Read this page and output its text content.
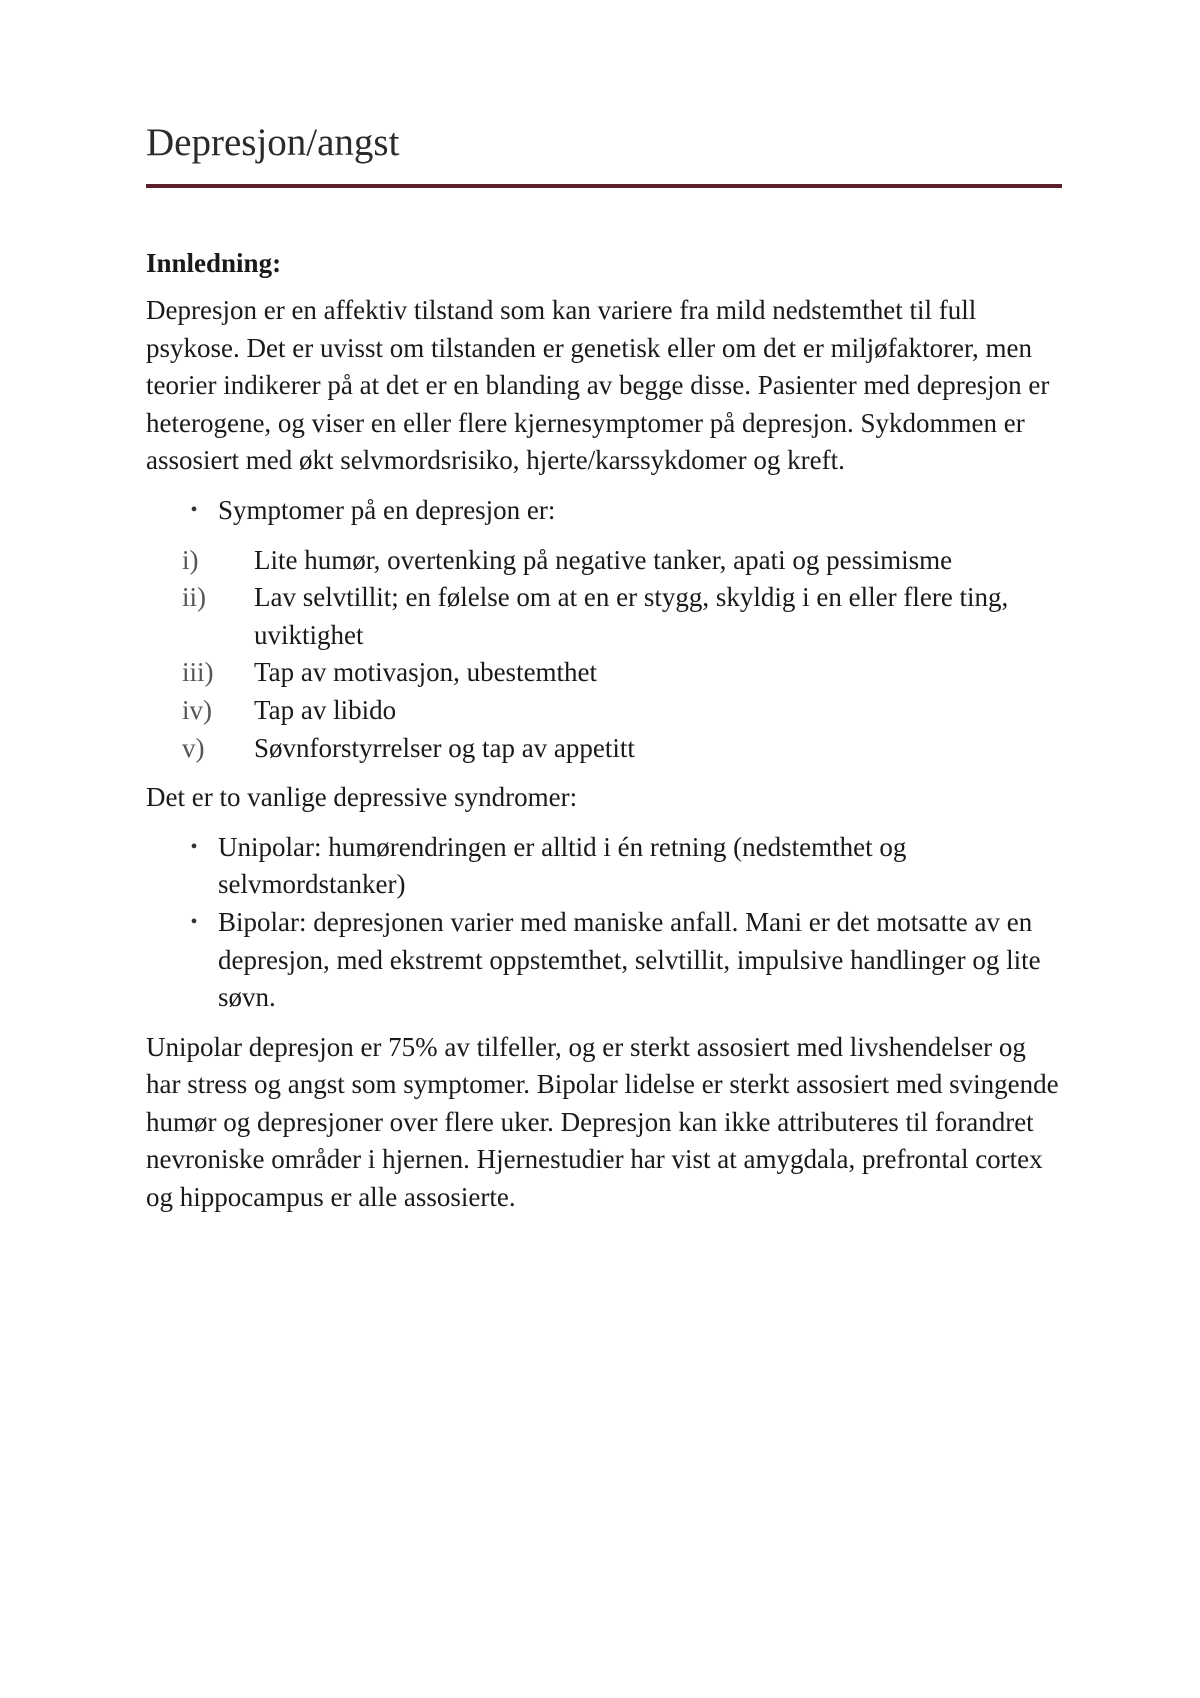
Depresjon/angst

Innledning:

Depresjon er en affektiv tilstand som kan variere fra mild nedstemthet til full psykose. Det er uvisst om tilstanden er genetisk eller om det er miljøfaktorer, men teorier indikerer på at det er en blanding av begge disse. Pasienter med depresjon er heterogene, og viser en eller flere kjernesymptomer på depresjon. Sykdommen er assosiert med økt selvmordsrisiko, hjerte/karssykdomer og kreft.

• Symptomer på en depresjon er:
i) Lite humør, overtenking på negative tanker, apati og pessimisme
ii) Lav selvtillit; en følelse om at en er stygg, skyldig i en eller flere ting, uviktighet
iii) Tap av motivasjon, ubestemthet
iv) Tap av libido
v) Søvnforstyrrelser og tap av appetitt

Det er to vanlige depressive syndromer:

• Unipolar: humørendringen er alltid i én retning (nedstemthet og selvmordstanker)
• Bipolar: depresjonen varier med maniske anfall. Mani er det motsatte av en depresjon, med ekstremt oppstemthet, selvtillit, impulsive handlinger og lite søvn.

Unipolar depresjon er 75% av tilfeller, og er sterkt assosiert med livshendelser og har stress og angst som symptomer. Bipolar lidelse er sterkt assosiert med svingende humør og depresjoner over flere uker. Depresjon kan ikke attributeres til forandret nevroniske områder i hjernen. Hjernestudier har vist at amygdala, prefrontal cortex og hippocampus er alle assosierte.
